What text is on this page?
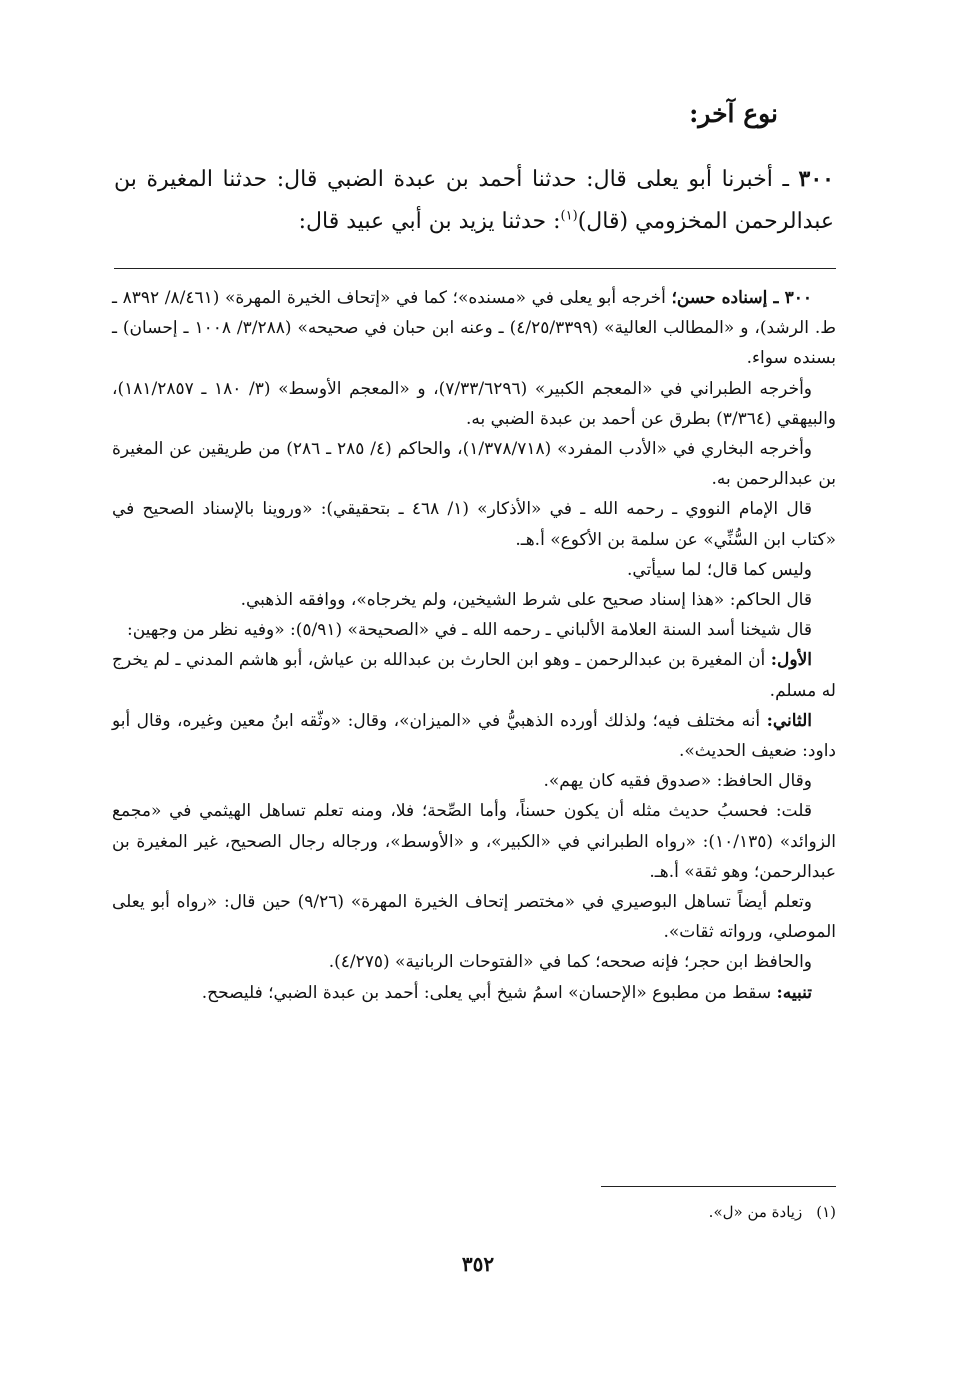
نوع آخر:

٣٠٠ ـ أخبرنا أبو يعلى قال: حدثنا أحمد بن عبدة الضبي قال: حدثنا المغيرة بن عبدالرحمن المخزومي (قال)$^{(١)}$: حدثنا يزيد بن أبي عبيد قال:

٣٠٠ ـ إسناده حسن؛ أخرجه أبو يعلى في «مسنده»؛ كما في «إتحاف الخيرة المهرة» (٨/٤٦١/ ٨٣٩٢ ـ ط. الرشد)، و «المطالب العالية» (٤/٢٥/٣٣٩٩) ـ وعنه ابن حبان في صحيحه» (٣/٢٨٨/ ١٠٠٨ ـ إحسان) ـ بسنده سواء.

وأخرجه الطبراني في «المعجم الكبير» (٧/٣٣/٦٢٩٦)، و «المعجم الأوسط» (٣/ ١٨٠ ـ ١٨١/٢٨٥٧)، والبيهقي (٣/٣٦٤) بطرق عن أحمد بن عبدة الضبي به.

وأخرجه البخاري في «الأدب المفرد» (١/٣٧٨/٧١٨)، والحاكم (٤/ ٢٨٥ ـ ٢٨٦) من طريقين عن المغيرة بن عبدالرحمن به.

قال الإمام النووي ـ رحمه الله ـ في «الأذكار» (١/ ٤٦٨ ـ بتحقيقي): «وروينا بالإسناد الصحيح في «كتاب ابن السُّنِّي» عن سلمة بن الأكوع» أ.هـ.

وليس كما قال؛ لما سيأتي.

قال الحاكم: «هذا إسناد صحيح على شرط الشيخين، ولم يخرجاه»، ووافقه الذهبي.

قال شيخنا أسد السنة العلامة الألباني ـ رحمه الله ـ في «الصحيحة» (٥/٩١): «وفيه نظر من وجهين:

الأول: أن المغيرة بن عبدالرحمن ـ وهو ابن الحارث بن عبدالله بن عياش، أبو هاشم المدني ـ لم يخرج له مسلم.

الثاني: أنه مختلف فيه؛ ولذلك أورده الذهبيُّ في «الميزان»، وقال: «وثّقه ابنُ معين وغيره، وقال أبو داود: ضعيف الحديث».

وقال الحافظ: «صدوق فقيه كان يهم».

قلت: فحسبُ حديث مثله أن يكون حسناً، وأما الصِّحة؛ فلا، ومنه تعلم تساهل الهيثمي في «مجمع الزوائد» (١٠/١٣٥): «رواه الطبراني في «الكبير»، و «الأوسط»، ورجاله رجال الصحيح، غير المغيرة بن عبدالرحمن؛ وهو ثقة» أ.هـ.

وتعلم أيضاً تساهل البوصيري في «مختصر إتحاف الخيرة المهرة» (٩/٢٦) حين قال: «رواه أبو يعلى الموصلي، ورواته ثقات».

والحافظ ابن حجر؛ فإنه صححه؛ كما في «الفتوحات الربانية» (٤/٢٧٥).

تنبيه: سقط من مطبوع «الإحسان» اسمُ شيخ أبي يعلى: أحمد بن عبدة الضبي؛ فليصحح.

(١)زيادة من «ل».

٣٥٢
